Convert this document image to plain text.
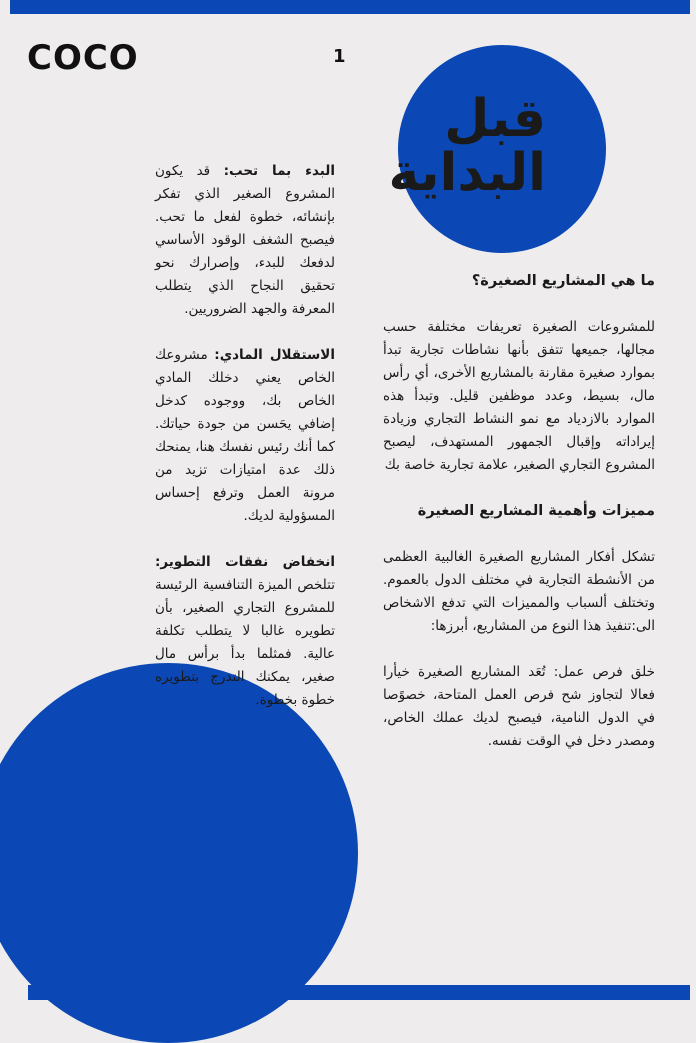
COCO	1
قبل
البداية

البدء بما تحب: قد يكون المشروع الصغير الذي تفكر بإنشائه، خطوة لفعل ما تحب. فيصبح الشغف الوقود الأساسي لدفعك للبدء، وإصرارك نحو تحقيق النجاح الذي يتطلب المعرفة والجهد الضروريين.

الاستقلال المادي: مشروعك الخاص يعني دخلك المادي الخاص بك، ووجوده كدخل إضافي يحَسن من جودة حياتك. كما أنك رئيس نفسك هنا، يمنحك ذلك عدة امتيازات تزيد من مرونة العمل وترفع إحساس المسؤولية لديك.

انخفاض نفقات التطوير: تتلخص الميزة التنافسية الرئيسة للمشروع التجاري الصغير، بأن تطويره غالبا لا يتطلب تكلفة عالية. فمثلما بدأ برأس مال صغير، يمكنك التدرج بتطويره خطوة بخطوة.

ما هي المشاريع الصغيرة؟

للمشروعات الصغيرة تعريفات مختلفة حسب مجالها، جميعها تتفق بأنها نشاطات تجارية تبدأ بموارد صغيرة مقارنة بالمشاريع الأخرى، أي رأس مال، بسيط، وعدد موظفين قليل. وتبدأ هذه الموارد بالازدياد مع نمو النشاط التجاري وزيادة إيراداته وإقبال الجمهور المستهدف، ليصبح المشروع التجاري الصغير، علامة تجارية خاصة بك

مميزات وأهمية المشاريع الصغيرة

تشكل أفكار المشاريع الصغيرة الغالبية العظمى من الأنشطة التجارية في مختلف الدول بالعموم. وتختلف ألسباب والمميزات التي تدفع الاشخاص الى:تنفيذ هذا النوع من المشاريع، أبرزها:

خلق فرص عمل: تُعَد المشاريع الصغيرة خيأرا فعالا لتجاوز شح فرص العمل المتاحة، خصوًصا في الدول النامية، فيصبح لديك عملك الخاص، ومصدر دخل في الوقت نفسه.
